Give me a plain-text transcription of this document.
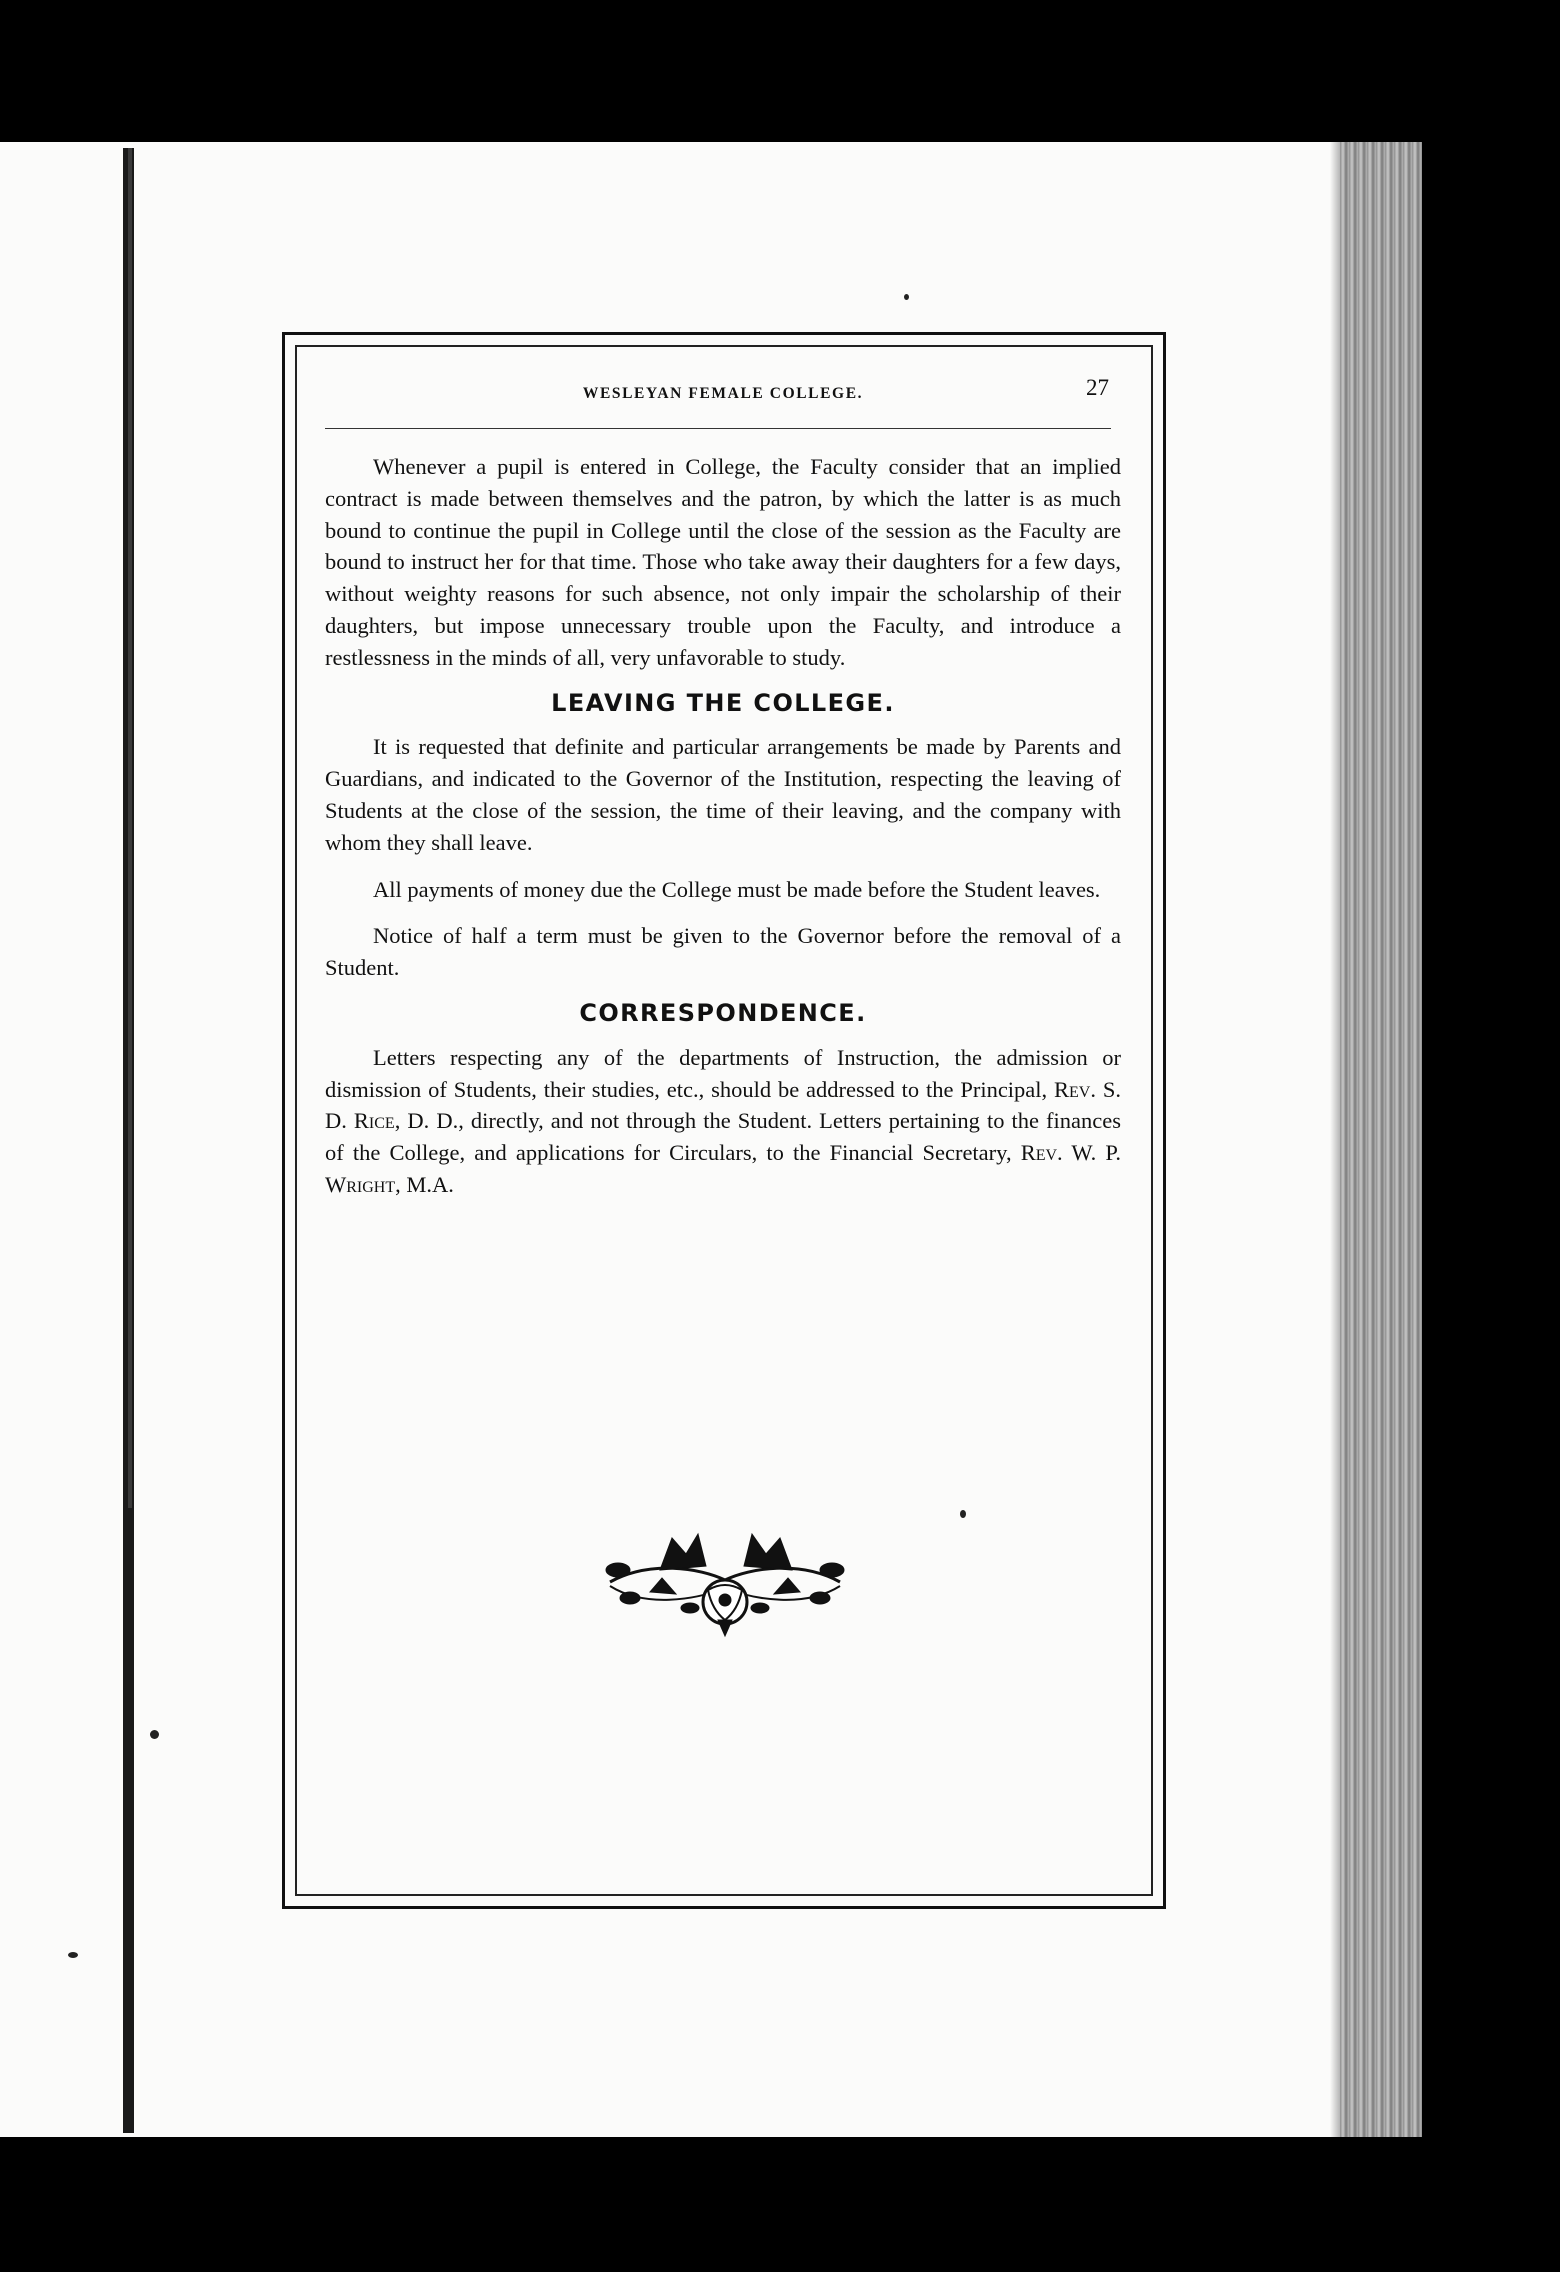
WESLEYAN FEMALE COLLEGE.	27

Whenever a pupil is entered in College, the Faculty consider that an implied contract is made between themselves and the patron, by which the latter is as much bound to continue the pupil in College until the close of the session as the Faculty are bound to instruct her for that time. Those who take away their daughters for a few days, without weighty reasons for such absence, not only impair the scholarship of their daughters, but impose unnecessary trouble upon the Faculty, and introduce a restlessness in the minds of all, very unfavorable to study.

LEAVING THE COLLEGE.

It is requested that definite and particular arrangements be made by Parents and Guardians, and indicated to the Governor of the Institution, respecting the leaving of Students at the close of the session, the time of their leaving, and the company with whom they shall leave.

All payments of money due the College must be made before the Student leaves.

Notice of half a term must be given to the Governor before the removal of a Student.

CORRESPONDENCE.

Letters respecting any of the departments of Instruction, the admission or dismission of Students, their studies, etc., should be addressed to the Principal, Rev. S. D. Rice, D. D., directly, and not through the Student. Letters pertaining to the finances of the College, and applications for Circulars, to the Financial Secretary, Rev. W. P. Wright, M.A.
